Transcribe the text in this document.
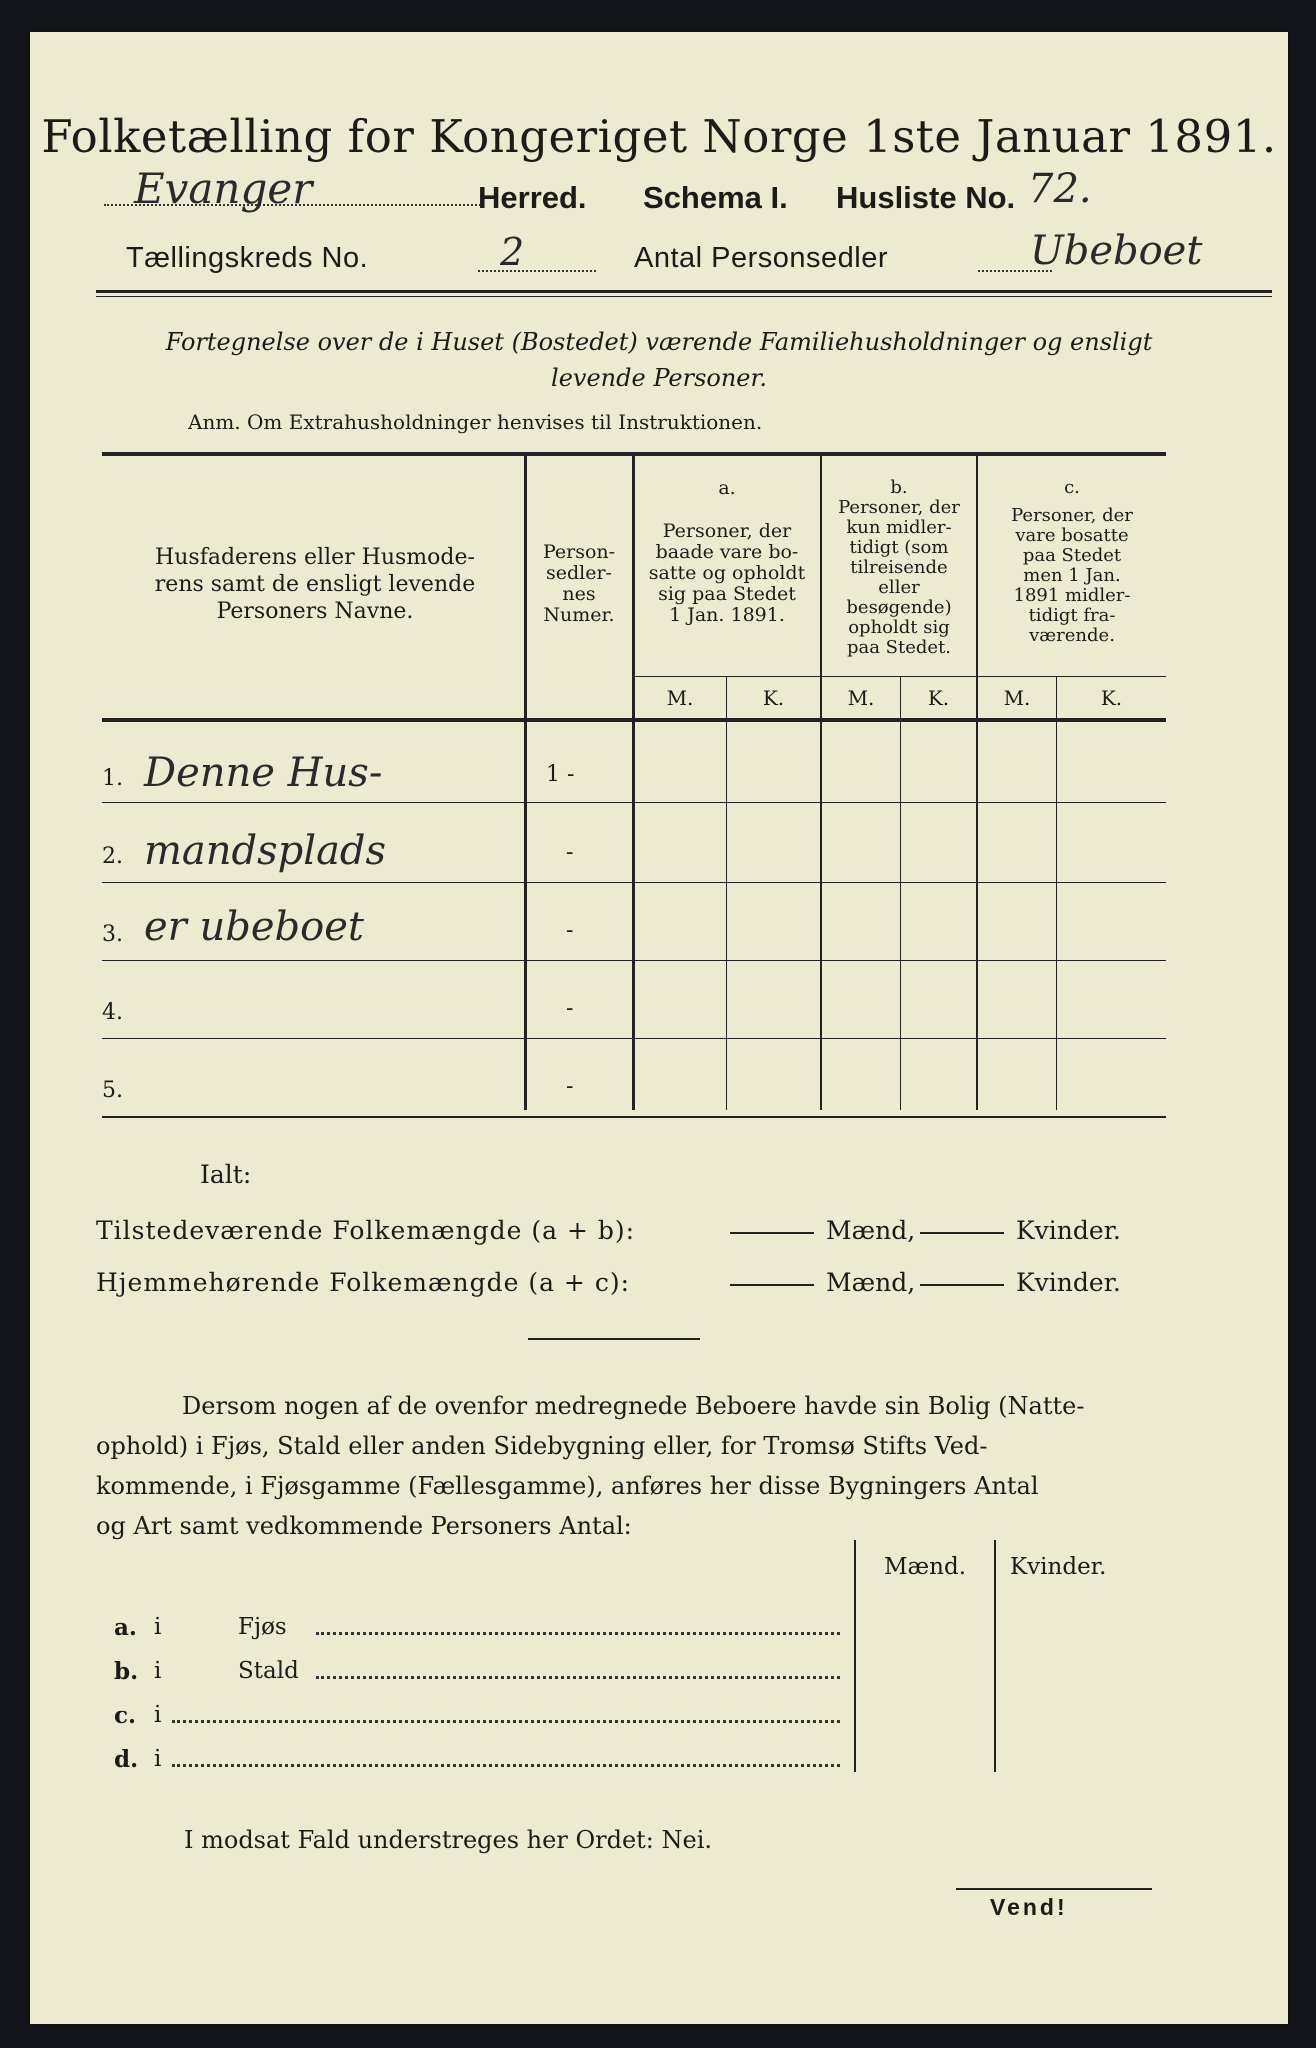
Folketælling for Kongeriget Norge 1ste Januar 1891.
Evanger	Herred. Schema I. Husliste No. 72.
Tællingskreds No.	2	Antal Personsedler	Ubeboet
Fortegnelse over de i Huset (Bostedet) værende Familiehusholdninger og ensligt
levende Personer.
Anm. Om Extrahusholdninger henvises til Instruktionen.
Husfaderens eller Husmode-
rens samt de ensligt levende
Personers Navne.
Person-
sedler-
nes
Numer.
a.
Personer, der
baade vare bo-
satte og opholdt
sig paa Stedet
1 Jan. 1891.
b.
Personer, der
kun midler-
tidigt (som
tilreisende
eller
besøgende)
opholdt sig
paa Stedet.
c.
Personer, der
vare bosatte
paa Stedet
men 1 Jan.
1891 midler-
tidigt fra-
værende.
M.	K.	M.	K.	M.	K.
1. Denne Hus-	1 -
2. mandsplads	-
3. er ubeboet	-
4.	-
5.	-
Ialt:
Tilstedeværende Folkemængde (a + b):	Mænd,	Kvinder.
Hjemmehørende Folkemængde (a + c):	Mænd,	Kvinder.
Dersom nogen af de ovenfor medregnede Beboere havde sin Bolig (Natte-
ophold) i Fjøs, Stald eller anden Sidebygning eller, for Tromsø Stifts Ved-
kommende, i Fjøsgamme (Fællesgamme), anføres her disse Bygningers Antal
og Art samt vedkommende Personers Antal:
Mænd.	Kvinder.
a. i	Fjøs
b. i	Stald
c. i
d. i
I modsat Fald understreges her Ordet: Nei.
Vend!
